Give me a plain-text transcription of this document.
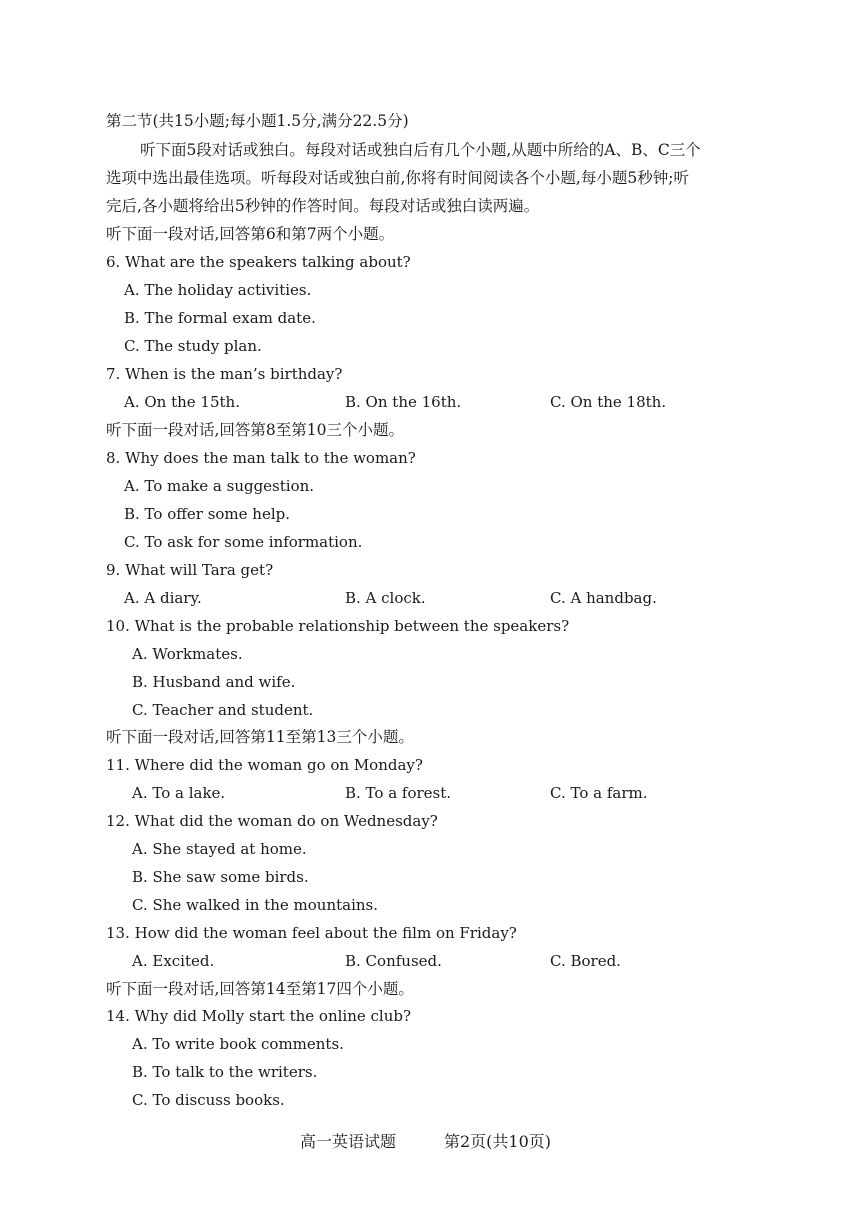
第二节(共15小题;每小题1.5分,满分22.5分)
听下面5段对话或独白。每段对话或独白后有几个小题,从题中所给的A、B、C三个
选项中选出最佳选项。听每段对话或独白前,你将有时间阅读各个小题,每小题5秒钟;听
完后,各小题将给出5秒钟的作答时间。每段对话或独白读两遍。
听下面一段对话,回答第6和第7两个小题。
6. What are the speakers talking about?
A. The holiday activities.
B. The formal exam date.
C. The study plan.
7. When is the man’s birthday?
A. On the 15th.	B. On the 16th.	C. On the 18th.
听下面一段对话,回答第8至第10三个小题。
8. Why does the man talk to the woman?
A. To make a suggestion.
B. To offer some help.
C. To ask for some information.
9. What will Tara get?
A. A diary.	B. A clock.	C. A handbag.
10. What is the probable relationship between the speakers?
A. Workmates.
B. Husband and wife.
C. Teacher and student.
听下面一段对话,回答第11至第13三个小题。
11. Where did the woman go on Monday?
A. To a lake.	B. To a forest.	C. To a farm.
12. What did the woman do on Wednesday?
A. She stayed at home.
B. She saw some birds.
C. She walked in the mountains.
13. How did the woman feel about the film on Friday?
A. Excited.	B. Confused.	C. Bored.
听下面一段对话,回答第14至第17四个小题。
14. Why did Molly start the online club?
A. To write book comments.
B. To talk to the writers.
C. To discuss books.
高一英语试题	第2页(共10页)
